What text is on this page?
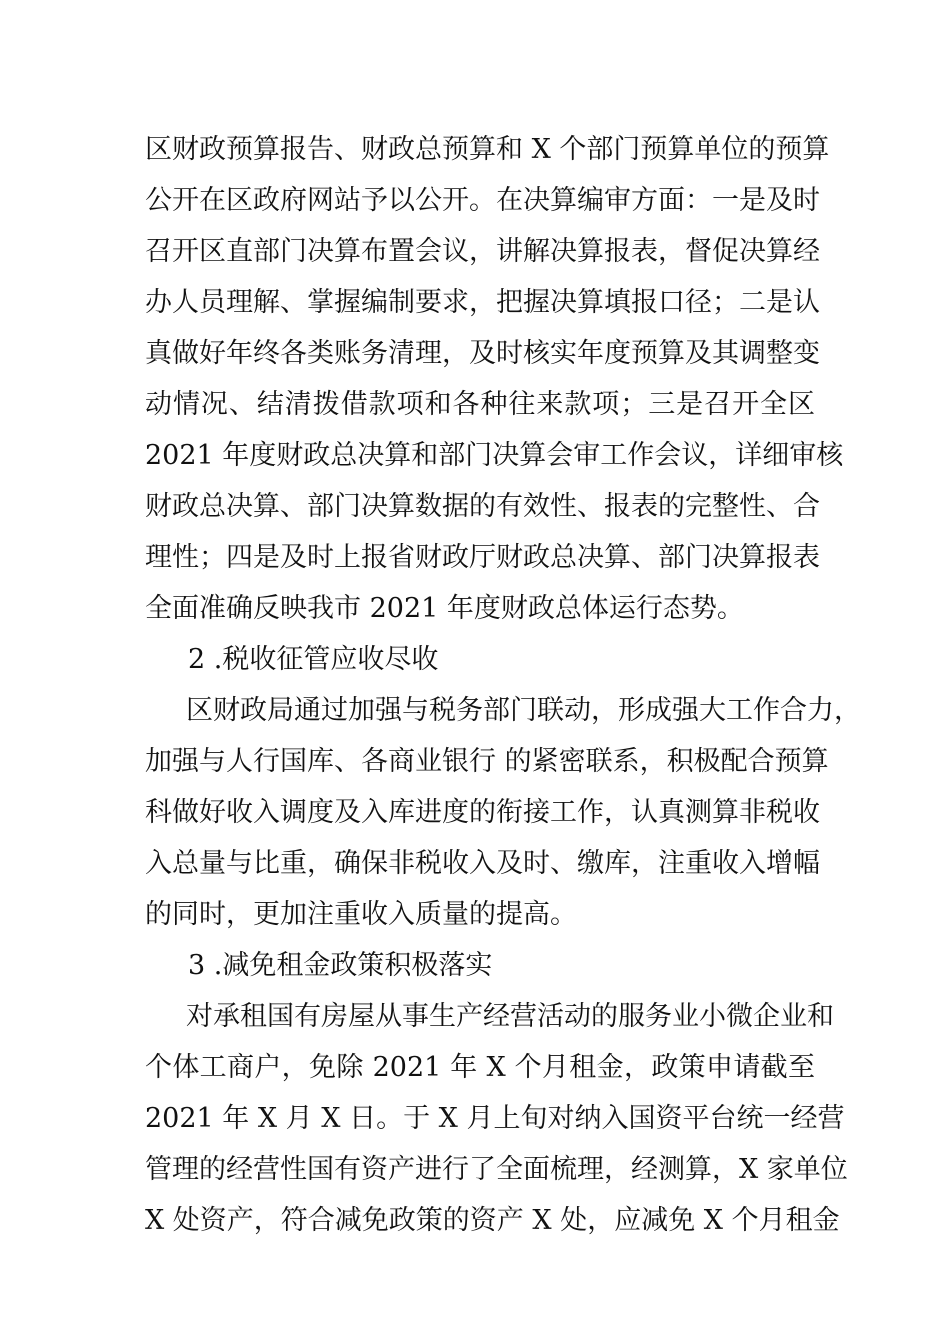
区财政预算报告、财政总预算和 X 个部门预算单位的预算
公开在区政府网站予以公开。在决算编审方面：一是及时
召开区直部门决算布置会议，讲解决算报表，督促决算经
办人员理解、掌握编制要求，把握决算填报口径；二是认
真做好年终各类账务清理，及时核实年度预算及其调整变
动情况、结清拨借款项和各种往来款项；三是召开全区
2021 年度财政总决算和部门决算会审工作会议，详细审核
财政总决算、部门决算数据的有效性、报表的完整性、合
理性；四是及时上报省财政厅财政总决算、部门决算报表
全面准确反映我市 2021 年度财政总体运行态势。
2 .税收征管应收尽收
区财政局通过加强与税务部门联动，形成强大工作合力，
加强与人行国库、各商业银行 的紧密联系，积极配合预算
科做好收入调度及入库进度的衔接工作，认真测算非税收
入总量与比重，确保非税收入及时、缴库，注重收入增幅
的同时，更加注重收入质量的提高。
3 .减免租金政策积极落实
对承租国有房屋从事生产经营活动的服务业小微企业和
个体工商户，免除 2021 年 X 个月租金，政策申请截至
2021 年 X 月 X 日。于 X 月上旬对纳入国资平台统一经营
管理的经营性国有资产进行了全面梳理，经测算，X 家单位
X 处资产，符合减免政策的资产 X 处，应减免 X 个月租金
